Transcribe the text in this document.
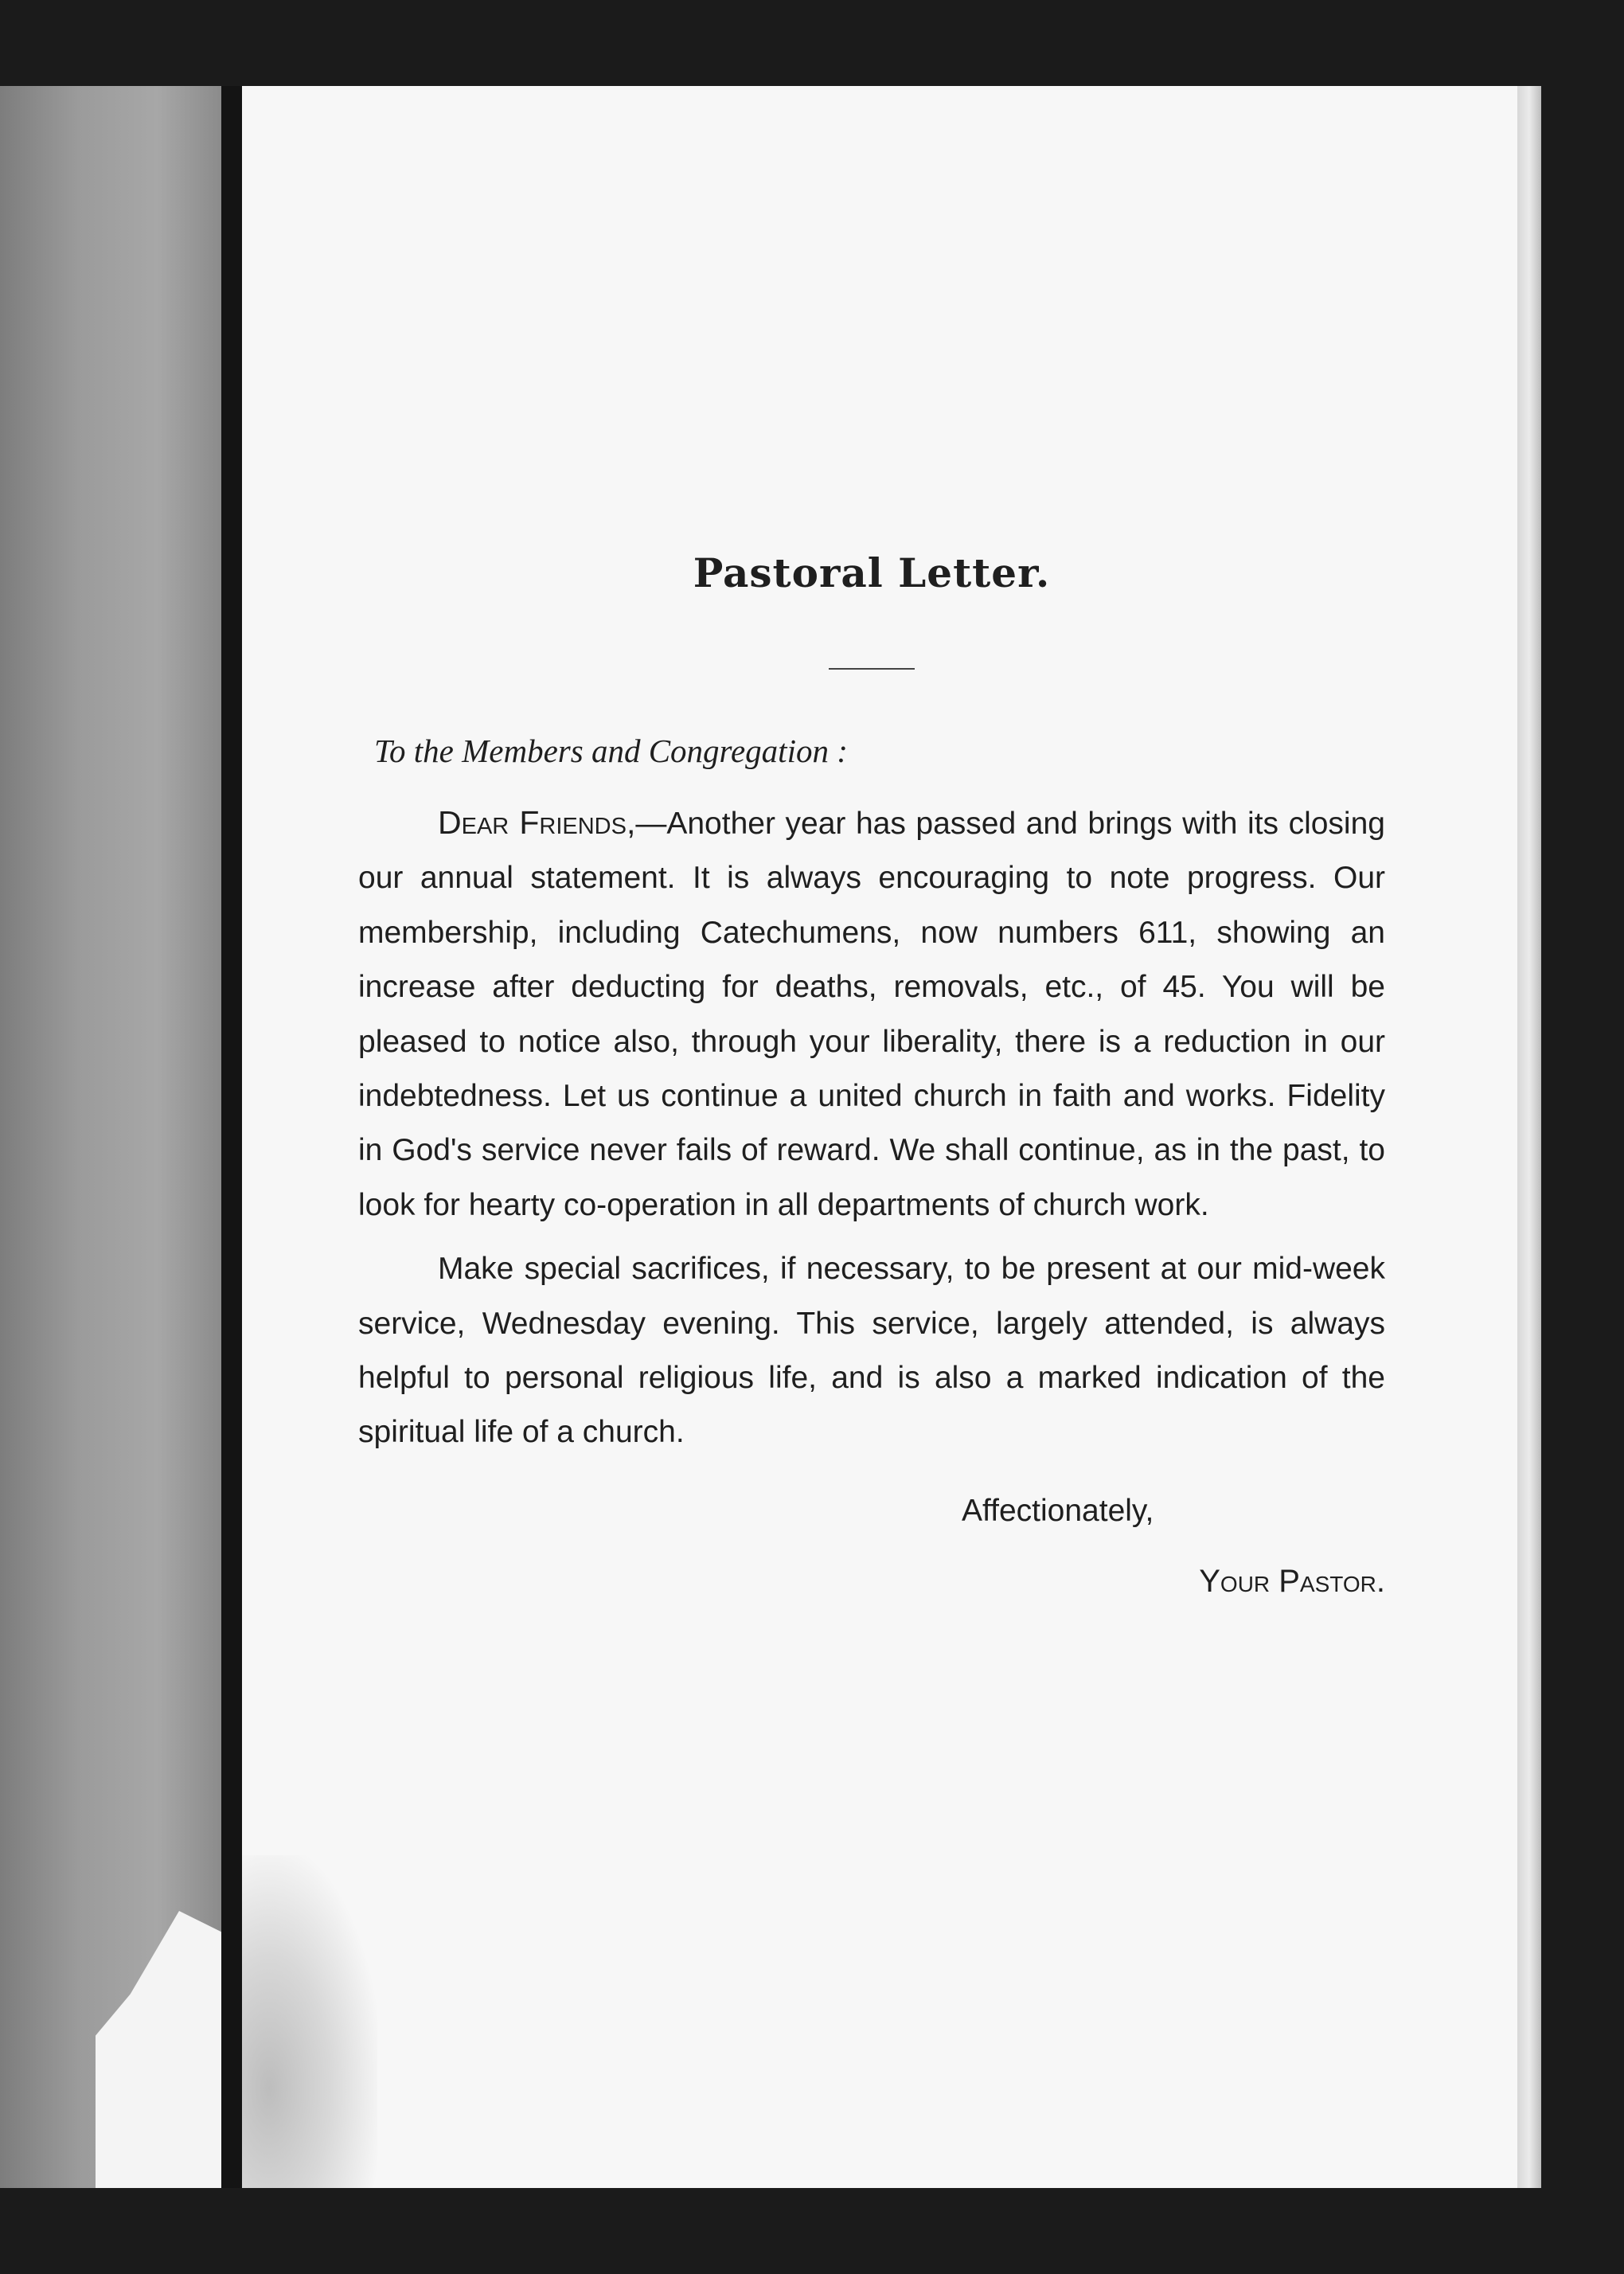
Pastoral Letter.
To the Members and Congregation :

Dear Friends,—Another year has passed and brings with its closing our annual statement. It is always encouraging to note progress. Our membership, including Catechumens, now numbers 611, showing an increase after deducting for deaths, removals, etc., of 45. You will be pleased to notice also, through your liberality, there is a reduction in our indebtedness. Let us continue a united church in faith and works. Fidelity in God's service never fails of reward. We shall continue, as in the past, to look for hearty co-operation in all departments of church work.

Make special sacrifices, if necessary, to be present at our mid-week service, Wednesday evening. This service, largely attended, is always helpful to personal religious life, and is also a marked indication of the spiritual life of a church.

Affectionately,
Your Pastor.
